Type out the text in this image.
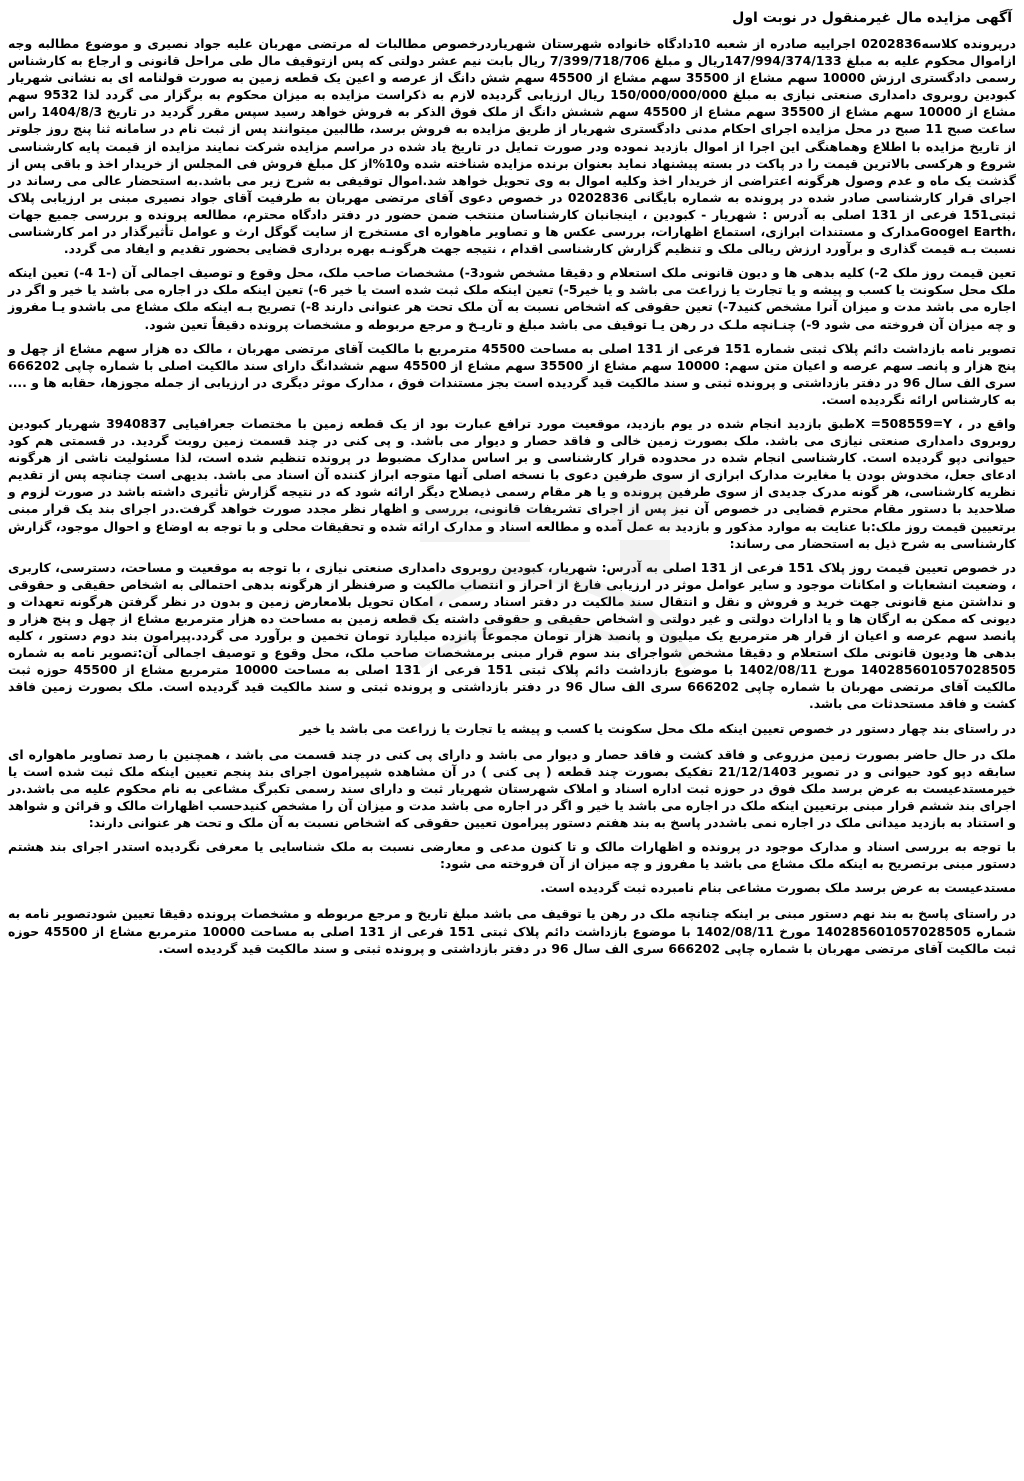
آگهی مزایده مال غیرمنقول در نوبت اول

درپرونده کلاسه0202836 اجراییه صادره از شعبه 10دادگاه خانواده شهرستان شهریاردرخصوص مطالبات له مرتضی مهربان علیه جواد نصیری و موضوع مطالبه وجه ازاموال محکوم علیه به مبلغ 147/994/374/133ریال و مبلغ 7/399/718/706 ریال بابت نیم عشر دولتی که پس ازتوقیف مال طی مراحل قانونی و ارجاع به کارشناس رسمی دادگستری ارزش 10000 سهم مشاع از 35500 سهم مشاع از 45500 سهم شش دانگ از عرصه و اعین یک قطعه زمین به صورت قولنامه ای به نشانی شهریار کبودین روبروی دامداری صنعتی نیازی به مبلغ 150/000/000/000 ریال ارزیابی گردیده لازم به ذکراست مزایده به میزان محکوم به برگزار می گردد لذا 9532 سهم مشاع از 10000 سهم مشاع از 35500 سهم مشاع از 45500 سهم ششش دانگ از ملک فوق الذکر به فروش خواهد رسید سپس مقرر گردید در تاریخ 1404/8/3 راس ساعت صبح 11 صبح در محل مزایده اجرای احکام مدنی دادگستری شهریار از طریق مزایده به فروش برسد، طالبین میتوانند پس از ثبت نام در سامانه ثنا پنج روز جلوتر از تاریخ مزایده با اطلاع وهماهنگی این اجرا از اموال بازدید نموده ودر صورت تمایل در تاریخ یاد شده در مراسم مزایده شرکت نمایند مزایده از قیمت پایه کارشناسی شروع و هرکسی بالاترین قیمت را در پاکت در بسته پیشنهاد نماید بعنوان برنده مزایده شناخته شده و10%از کل مبلغ فروش فی المجلس از خریدار اخذ و باقی پس از گذشت یک ماه و عدم وصول هرگونه اعتراضی از خریدار اخذ وکلیه اموال به وی تحویل خواهد شد.اموال توقیفی به شرح زیر می باشد.به استحضار عالی می رساند در اجرای قرار کارشناسی صادر شده در پرونده به شماره بایگانی 0202836 در خصوص دعوی آقای مرتضی مهربان به طرفیت آقای جواد نصیری مبنی بر ارزیابی پلاک ثبتی151 فرعی از 131 اصلی به آدرس : شهریار - کبودین ، اینجانبان کارشناسان منتخب ضمن حضور در دفتر دادگاه محترم، مطالعه پرونده و بررسی جمیع جهات ،Googel Earthمدارک و مستندات ابرازی، استماع اظهارات، بررسی عکس ها و تصاویر ماهواره ای مستخرج از سایت گوگل ارث و عوامل تأثیرگذار در امر کارشناسی نسبت بـه قیمت گذاری و برآورد ارزش ریالی ملک و تنظیم گزارش کارشناسی اقدام ، نتیجه جهت هرگونـه بهره برداری قضایی بحضور تقدیم و ایفاد می گردد.

تعین قیمت روز ملک 2-) کلیه بدهی ها و دیون قانونی ملک استعلام و دقیقا مشخص شود3-) مشخصات صاحب ملک، محل وقوع و توصیف اجمالی آن (-1 4-) تعین اینکه ملک محل سکونت یا کسب و پیشه و یا تجارت یا زراعت می باشد و یا خیر5-) تعین اینکه ملک ثبت شده است یا خیر 6-) تعین اینکه ملک در اجاره می باشد یا خیر و اگر در اجاره می باشد مدت و میزان آنرا مشخص کنید7-) تعین حقوقی که اشخاص نسبت به آن ملک تحت هر عنوانی دارند 8-) تصریح بـه اینکه ملک مشاع می باشدو یـا مفروز و چه میزان آن فروخته می شود 9-) چنـانچه ملـک در رهن یـا توقیف می باشد مبلغ و تاریـخ و مرجع مربوطه و مشخصات پرونده دقیقاً تعین شود.

تصویر نامه بازداشت دائم پلاک ثبتی شماره 151 فرعی از 131 اصلی به مساحت 45500 مترمربع با مالکیت آقای مرتضی مهربان ، مالک ده هزار سهم مشاع از چهل و پنج هزار و پانصـ سهم عرصه و اعیان متن سهم: 10000 سهم مشاع از 35500 سهم مشاع از 45500 سهم ششدانگ دارای سند مالکیت اصلی با شماره چاپی 666202 سری الف سال 96 در دفتر بازداشتی و پرونده ثبتی و سند مالکیت قید گردیده است بجز مستندات فوق ، مدارک موثر دیگری در ارزیابی از جمله مجوزها، حقابه ها و .... به کارشناس ارائه نگردیده است.

واقع در ، X =508559=Yطبق بازدید انجام شده در یوم بازدید، موقعیت مورد ترافع عبارت بود از یک قطعه زمین با مختصات جعرافیایی 3940837 شهریار کبودین روبروی دامداری صنعتی نیازی می باشد. ملک بصورت زمین خالی و فاقد حصار و دیوار می باشد. و پی کنی در چند قسمت زمین روبت گردید. در قسمتی هم کود حیوانی دپو گردیده است. کارشناسی انجام شده در محدوده قرار کارشناسی و بر اساس مدارک مضبوط در پرونده تنظیم شده است، لذا مسئولیت ناشی از هرگونه ادعای جعل، مخدوش بودن یا مغایرت مدارک ابرازی از سوی طرفین دعوی با نسخه اصلی آنها متوجه ابراز کننده آن اسناد می باشد. بدیهی است چنانچه پس از تقدیم نظریه کارشناسی، هر گونه مدرک جدیدی از سوی طرفین پرونده و یا هر مقام رسمی ذیصلاح دیگر ارائه شود که در نتیجه گزارش تأثیری داشته باشد در صورت لزوم و صلاحدید با دستور مقام محترم قضایی در خصوص آن نیز پس از اجرای تشریفات قانونی، بررسی و اظهار نظر مجدد صورت خواهد گرفت.در اجرای بند یک قرار مبنی برتعیین قیمت روز ملک:با عنایت به موارد مذکور و بازدید به عمل آمده و مطالعه اسناد و مدارک ارائه شده و تحقیقات محلی و با توجه به اوضاع و احوال موجود، گزارش کارشناسی به شرح ذیل به استحضار می رساند:

در خصوص تعیین قیمت روز پلاک 151 فرعی از 131 اصلی به آدرس: شهریار، کبودین روبروی دامداری صنعتی نیازی ، با توجه به موقعیت و مساحت، دسترسی، کاربری ، وضعیت انشعابات و امکانات موجود و سایر عوامل موثر در ارزیابی فارغ از احراز و انتصاب مالکیت و صرفنظر از هرگونه بدهی احتمالی به اشخاص حقیقی و حقوقی و نداشتن منع قانونی جهت خرید و فروش و نقل و انتقال سند مالکیت در دفتر اسناد رسمی ، امکان تحویل بلامعارض زمین و بدون در نظر گرفتن هرگونه تعهدات و دیونی که ممکن به ارگان ها و یا ادارات دولتی و غیر دولتی و اشخاص حقیقی و حقوقی داشته یک قطعه زمین به مساحت ده هزار مترمربع مشاع از چهل و پنج هزار و پانصد سهم عرصه و اعیان از قرار هر مترمربع یک میلیون و پانصد هزار تومان مجموعاً پانزده میلیارد تومان تخمین و برآورد می گردد.پیرامون بند دوم دستور ، کلیه بدهی ها ودیون قانونی ملک استعلام و دقیقا مشخص شواجرای بند سوم قرار مبنی برمشخصات صاحب ملک، محل وقوع و توصیف اجمالی آن:تصویر نامه به شماره 140285601057028505 مورخ 1402/08/11 با موضوع بازداشت دائم پلاک ثبتی 151 فرعی از 131 اصلی به مساحت 10000 مترمربع مشاع از 45500 حوزه ثبت مالکیت آقای مرتضی مهربان با شماره چاپی 666202 سری الف سال 96 در دفتر بازداشتی و پرونده ثبتی و سند مالکیت قید گردیده است. ملک بصورت زمین فاقد کشت و فاقد مستحدثات می باشد.

در راستای بند چهار دستور در خصوص تعیین اینکه ملک محل سکونت یا کسب و پیشه یا تجارت یا زراعت می باشد یا خیر

ملک در حال حاضر بصورت زمین مزروعی و فاقد کشت و فاقد حصار و دیوار می باشد و دارای پی کنی در چند قسمت می باشد ، همچنین با رصد تصاویر ماهواره ای سابقه دپو کود حیوانی و در تصویر 21/12/1403 تفکیک بصورت چند قطعه ( پی کنی ) در آن مشاهده شپیرامون اجرای بند پنجم تعیین اینکه ملک ثبت شده است یا خیرمستدعیست به عرض برسد ملک فوق در حوزه ثبت اداره اسناد و املاک شهرستان شهریار ثبت و دارای سند رسمی تکبرگ مشاعی به نام محکوم علیه می باشد.در اجرای بند ششم قرار مبنی برتعیین اینکه ملک در اجاره می باشد یا خیر و اگر در اجاره می باشد مدت و میزان آن را مشخص کنیدحسب اظهارات مالک و قرائن و شواهد و استناد به بازدید میدانی ملک در اجاره نمی باشددر پاسخ به بند هفتم دستور پیرامون تعیین حقوقی که اشخاص نسبت به آن ملک و تحت هر عنوانی دارند:

با توجه به بررسی اسناد و مدارک موجود در پرونده و اظهارات مالک و تا کنون مدعی و معارضی نسبت به ملک شناسایی یا معرفی نگردیده استدر اجرای بند هشتم دستور مبنی برتصریح به اینکه ملک مشاع می باشد یا مفروز و چه میزان از آن فروخته می شود:

مستدعیست به عرض برسد ملک بصورت مشاعی بنام نامبرده ثبت گردیده است.

در راستای پاسخ به بند نهم دستور مبنی بر اینکه چنانچه ملک در رهن یا توقیف می باشد مبلغ تاریخ و مرجع مربوطه و مشخصات پرونده دقیقا تعیین شودتصویر نامه به شماره 140285601057028505 مورخ 1402/08/11 با موضوع بازداشت دائم پلاک ثبتی 151 فرعی از 131 اصلی به مساحت 10000 مترمربع مشاع از 45500 حوزه ثبت مالکیت آقای مرتضی مهربان با شماره چاپی 666202 سری الف سال 96 در دفتر بازداشتی و پرونده ثبتی و سند مالکیت قید گردیده است.
